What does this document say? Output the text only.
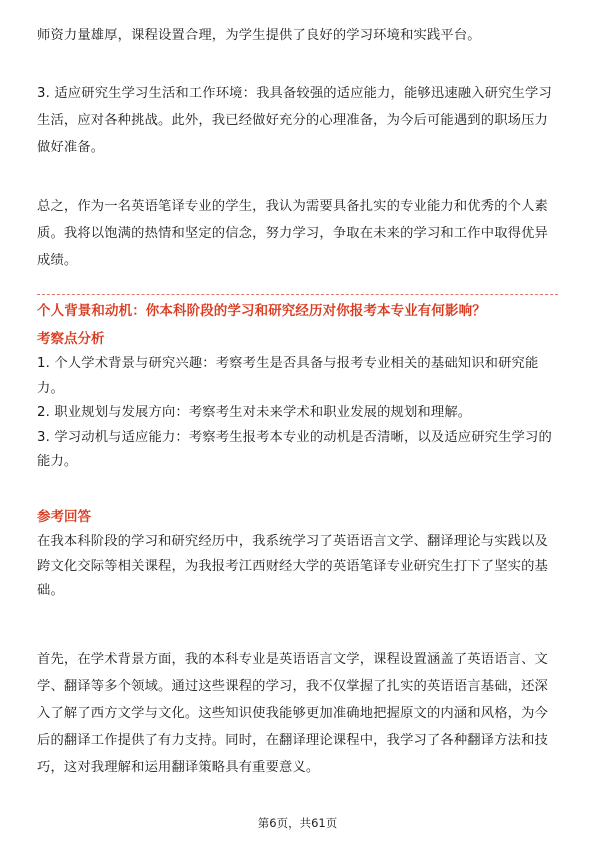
师资力量雄厚，课程设置合理，为学生提供了良好的学习环境和实践平台。

3. 适应研究生学习生活和工作环境：我具备较强的适应能力，能够迅速融入研究生学习生活，应对各种挑战。此外，我已经做好充分的心理准备，为今后可能遇到的职场压力做好准备。

总之，作为一名英语笔译专业的学生，我认为需要具备扎实的专业能力和优秀的个人素质。我将以饱满的热情和坚定的信念，努力学习，争取在未来的学习和工作中取得优异成绩。

个人背景和动机：你本科阶段的学习和研究经历对你报考本专业有何影响？

考察点分析

1. 个人学术背景与研究兴趣：考察考生是否具备与报考专业相关的基础知识和研究能力。
2. 职业规划与发展方向：考察考生对未来学术和职业发展的规划和理解。
3. 学习动机与适应能力：考察考生报考本专业的动机是否清晰，以及适应研究生学习的能力。

参考回答

在我本科阶段的学习和研究经历中，我系统学习了英语语言文学、翻译理论与实践以及跨文化交际等相关课程，为我报考江西财经大学的英语笔译专业研究生打下了坚实的基础。

首先，在学术背景方面，我的本科专业是英语语言文学，课程设置涵盖了英语语言、文学、翻译等多个领域。通过这些课程的学习，我不仅掌握了扎实的英语语言基础，还深入了解了西方文学与文化。这些知识使我能够更加准确地把握原文的内涵和风格，为今后的翻译工作提供了有力支持。同时，在翻译理论课程中，我学习了各种翻译方法和技巧，这对我理解和运用翻译策略具有重要意义。

第6页，共61页
